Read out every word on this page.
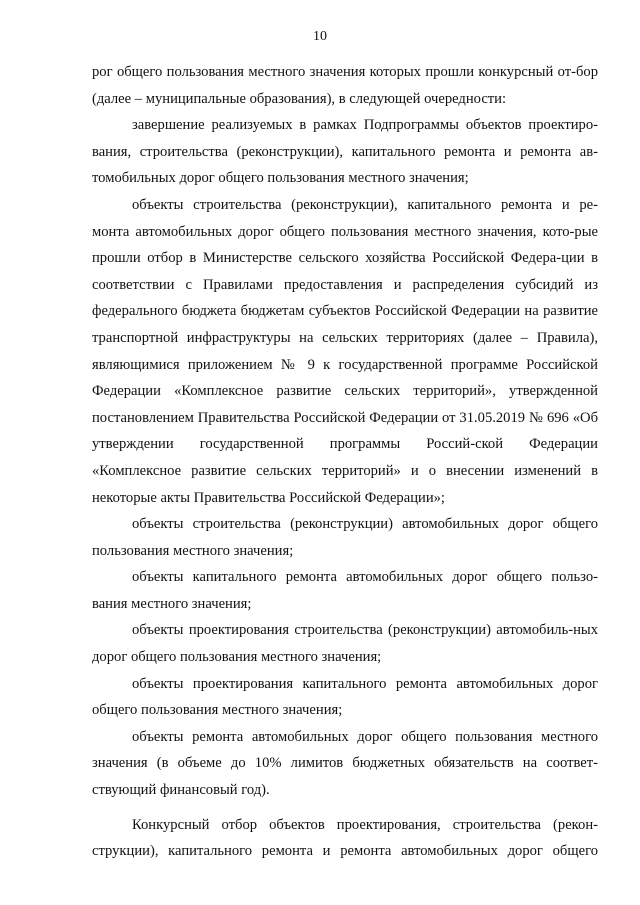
10

рог общего пользования местного значения которых прошли конкурсный от-бор (далее – муниципальные образования), в следующей очередности:

завершение реализуемых в рамках Подпрограммы объектов проектиро-вания, строительства (реконструкции), капитального ремонта и ремонта ав-томобильных дорог общего пользования местного значения;

объекты строительства (реконструкции), капитального ремонта и ре-монта автомобильных дорог общего пользования местного значения, кото-рые прошли отбор в Министерстве сельского хозяйства Российской Федера-ции в соответствии с Правилами предоставления и распределения субсидий из федерального бюджета бюджетам субъектов Российской Федерации на развитие транспортной инфраструктуры на сельских территориях (далее – Правила), являющимися приложением № 9 к государственной программе Российской Федерации «Комплексное развитие сельских территорий», утвержденной постановлением Правительства Российской Федерации от 31.05.2019 № 696 «Об утверждении государственной программы Россий-ской Федерации «Комплексное развитие сельских территорий» и о внесении изменений в некоторые акты Правительства Российской Федерации»;

объекты строительства (реконструкции) автомобильных дорог общего пользования местного значения;

объекты капитального ремонта автомобильных дорог общего пользо-вания местного значения;

объекты проектирования строительства (реконструкции) автомобиль-ных дорог общего пользования местного значения;

объекты проектирования капитального ремонта автомобильных дорог общего пользования местного значения;

объекты ремонта автомобильных дорог общего пользования местного значения (в объеме до 10% лимитов бюджетных обязательств на соответ-ствующий финансовый год).

Конкурсный отбор объектов проектирования, строительства (рекон-струкции), капитального ремонта и ремонта автомобильных дорог общего
